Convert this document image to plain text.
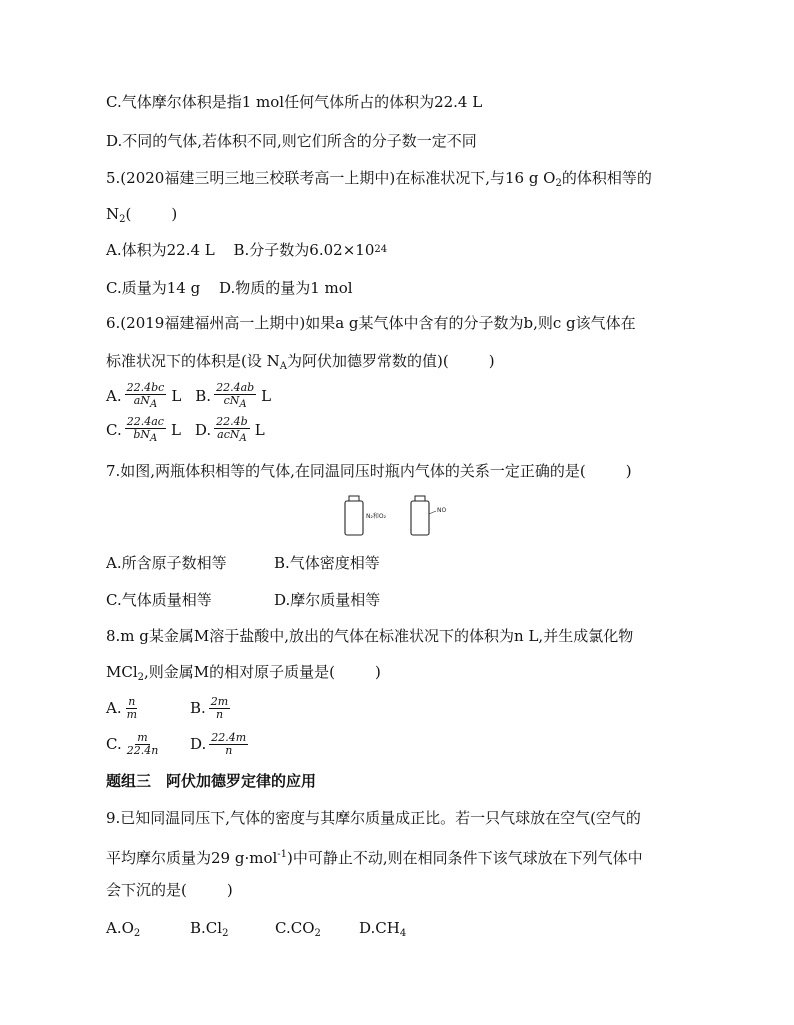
C.气体摩尔体积是指1 mol任何气体所占的体积为22.4 L
D.不同的气体,若体积不同,则它们所含的分子数一定不同
5.(2020福建三明三地三校联考高一上期中)在标准状况下,与16 g $O_2$的体积相等的
$N_2$(	)
A.体积为22.4 L B.分子数为6.02×10 24
C.质量为14 g D.物质的量为1 mol
6.(2019福建福州高一上期中)如果a g某气体中含有的分子数为b,则c g该气体在
标准状况下的体积是(设 $N_A$为阿伏加德罗常数的值)(	)
A. $\frac{22.4bc}{aN_A}$ L B. $\frac{22.4ab}{cN_A}$ L
C. $\frac{22.4ac}{bN_A}$ L D. $\frac{22.4b}{acN_A}$ L
7.如图,两瓶体积相等的气体,在同温同压时瓶内气体的关系一定正确的是(	)
N₂和O₂
NO
A.所含原子数相等	B.气体密度相等
C.气体质量相等	D.摩尔质量相等
8.m g某金属M溶于盐酸中,放出的气体在标准状况下的体积为n L,并生成氯化物
MCl$_2$,则金属M的相对原子质量是(	)
A. $\frac{n}{m}$	B. $\frac{2m}{n}$
C. $\frac{m}{22.4n} D$. $\frac{22.4m}{n}$
题组三　阿伏加德罗定律的应用
9.已知同温同压下,气体的密度与其摩尔质量成正比。若一只气球放在空气(空气的
平均摩尔质量为29 g·mol$^{-1}$)中可静止不动,则在相同条件下该气球放在下列气体中
会下沉的是(	)
$A.O_2$	$B.Cl_2$	$C.CO_2$	$D.CH_4$
